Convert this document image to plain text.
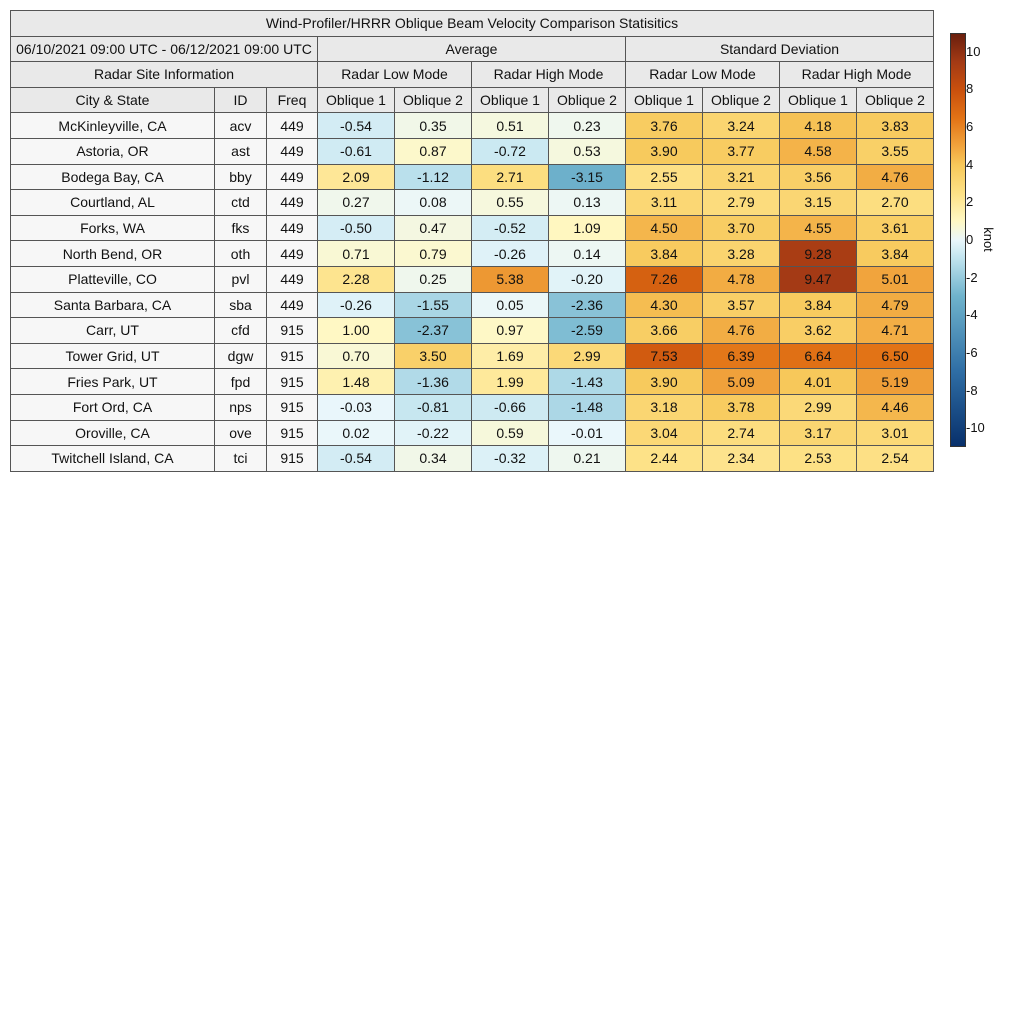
Wind-Profiler/HRRR Oblique Beam Velocity Comparison Statisitics										
06/10/2021 09:00 UTC - 06/12/2021 09:00 UTC			Average				Standard Deviation			
Radar Site Information			Radar Low Mode		Radar High Mode		Radar Low Mode		Radar High Mode	
City & State	ID	Freq	Oblique 1	Oblique 2	Oblique 1	Oblique 2	Oblique 1	Oblique 2	Oblique 1	Oblique 2
McKinleyville, CA	acv	449	-0.54	0.35	0.51	0.23	3.76	3.24	4.18	3.83
Astoria, OR	ast	449	-0.61	0.87	-0.72	0.53	3.90	3.77	4.58	3.55
Bodega Bay, CA	bby	449	2.09	-1.12	2.71	-3.15	2.55	3.21	3.56	4.76
Courtland, AL	ctd	449	0.27	0.08	0.55	0.13	3.11	2.79	3.15	2.70
Forks, WA	fks	449	-0.50	0.47	-0.52	1.09	4.50	3.70	4.55	3.61
North Bend, OR	oth	449	0.71	0.79	-0.26	0.14	3.84	3.28	9.28	3.84
Platteville, CO	pvl	449	2.28	0.25	5.38	-0.20	7.26	4.78	9.47	5.01
Santa Barbara, CA	sba	449	-0.26	-1.55	0.05	-2.36	4.30	3.57	3.84	4.79
Carr, UT	cfd	915	1.00	-2.37	0.97	-2.59	3.66	4.76	3.62	4.71
Tower Grid, UT	dgw	915	0.70	3.50	1.69	2.99	7.53	6.39	6.64	6.50
Fries Park, UT	fpd	915	1.48	-1.36	1.99	-1.43	3.90	5.09	4.01	5.19
Fort Ord, CA	nps	915	-0.03	-0.81	-0.66	-1.48	3.18	3.78	2.99	4.46
Oroville, CA	ove	915	0.02	-0.22	0.59	-0.01	3.04	2.74	3.17	3.01
Twitchell Island, CA	tci	915	-0.54	0.34	-0.32	0.21	2.44	2.34	2.53	2.54
10
8
6
4
2
0
-2
-4
-6
-8
-10
knot
